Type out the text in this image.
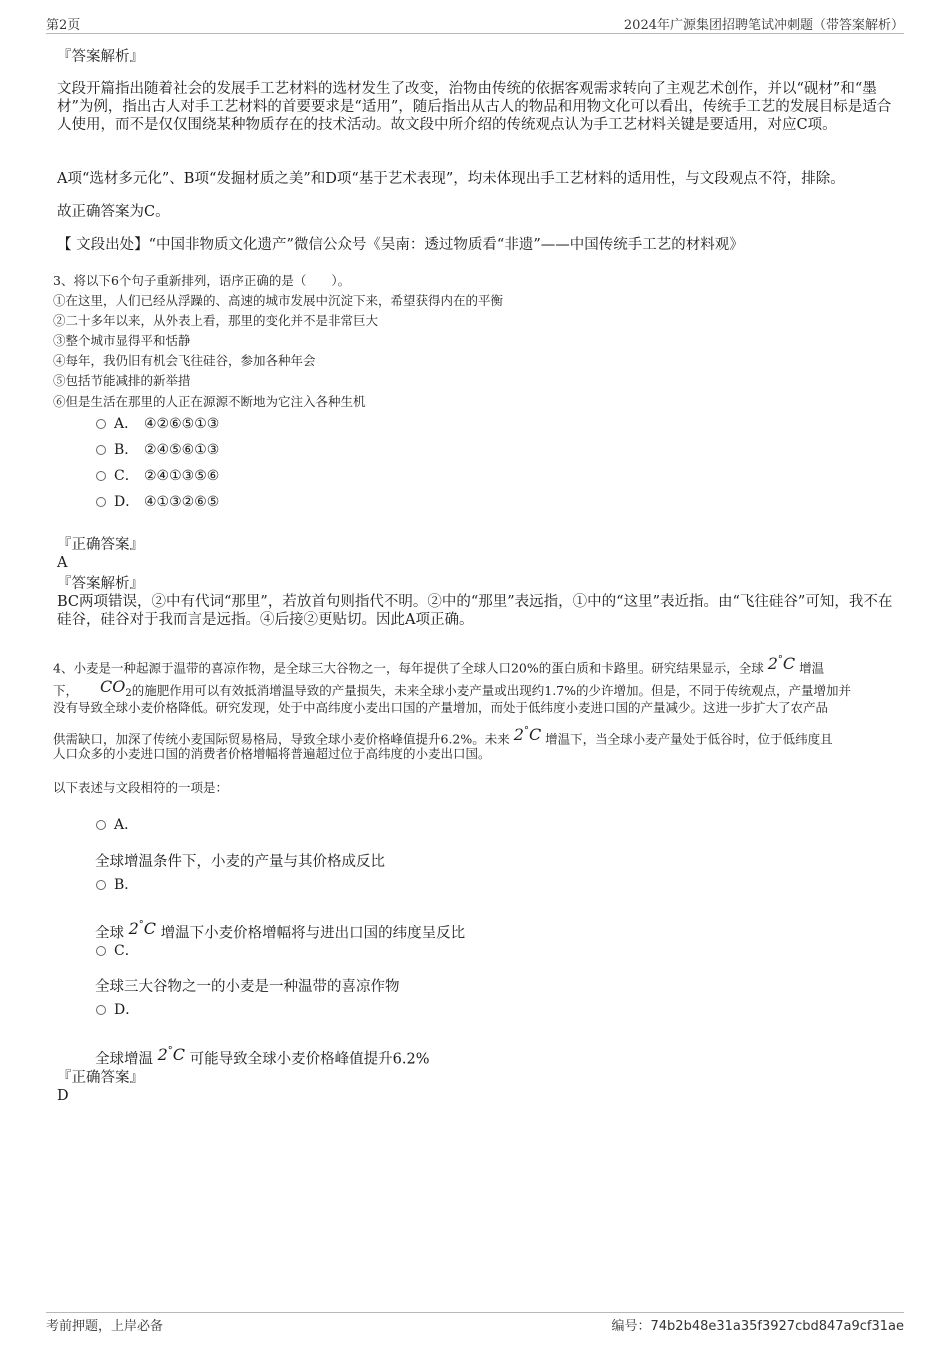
第2页	2024年广源集团招聘笔试冲刺题（带答案解析）
『答案解析』
文段开篇指出随着社会的发展手工艺材料的选材发生了改变，治物由传统的依据客观需求转向了主观艺术创作，并以“砚材”和“墨材”为例，指出古人对手工艺材料的首要要求是“适用”，随后指出从古人的物品和用物文化可以看出，传统手工艺的发展目标是适合人使用，而不是仅仅围绕某种物质存在的技术活动。故文段中所介绍的传统观点认为手工艺材料关键是要适用，对应C项。
A项“选材多元化”、B项“发掘材质之美”和D项“基于艺术表现”，均未体现出手工艺材料的适用性，与文段观点不符，排除。
故正确答案为C。
【 文段出处】“中国非物质文化遗产”微信公众号《吴南：透过物质看“非遗”——中国传统手工艺的材料观》
3、将以下6个句子重新排列，语序正确的是（　　）。
①在这里，人们已经从浮躁的、高速的城市发展中沉淀下来，希望获得内在的平衡
②二十多年以来，从外表上看，那里的变化并不是非常巨大
③整个城市显得平和恬静
④每年，我仍旧有机会飞往硅谷，参加各种年会
⑤包括节能减排的新举措
⑥但是生活在那里的人正在源源不断地为它注入各种生机
A． ④②⑥⑤①③
B． ②④⑤⑥①③
C． ②④①③⑤⑥
D． ④①③②⑥⑤
『正确答案』
A
『答案解析』
BC两项错误，②中有代词“那里”，若放首句则指代不明。②中的“那里”表远指，①中的“这里”表近指。由“飞往硅谷”可知，我不在硅谷，硅谷对于我而言是远指。④后接②更贴切。因此A项正确。
4、小麦是一种起源于温带的喜凉作物，是全球三大谷物之一，每年提供了全球人口20%的蛋白质和卡路里。研究结果显示，全球 2°C 增温
下， $CO_2$的施肥作用可以有效抵消增温导致的产量损失，未来全球小麦产量或出现约1.7%的少许增加。但是，不同于传统观点，产量增加并
没有导致全球小麦价格降低。研究发现，处于中高纬度小麦出口国的产量增加，而处于低纬度小麦进口国的产量减少。这进一步扩大了农产品
供需缺口，加深了传统小麦国际贸易格局，导致全球小麦价格峰值提升6.2%。未来 2°C 增温下，当全球小麦产量处于低谷时，位于低纬度且
人口众多的小麦进口国的消费者价格增幅将普遍超过位于高纬度的小麦出口国。
以下表述与文段相符的一项是：
A．
全球增温条件下，小麦的产量与其价格成反比
B．
全球 2°C 增温下小麦价格增幅将与进出口国的纬度呈反比
C．
全球三大谷物之一的小麦是一种温带的喜凉作物
D．
全球增温 2°C 可能导致全球小麦价格峰值提升6.2%
『正确答案』
D
考前押题，上岸必备	编号：74b2b48e31a35f3927cbd847a9cf31ae
